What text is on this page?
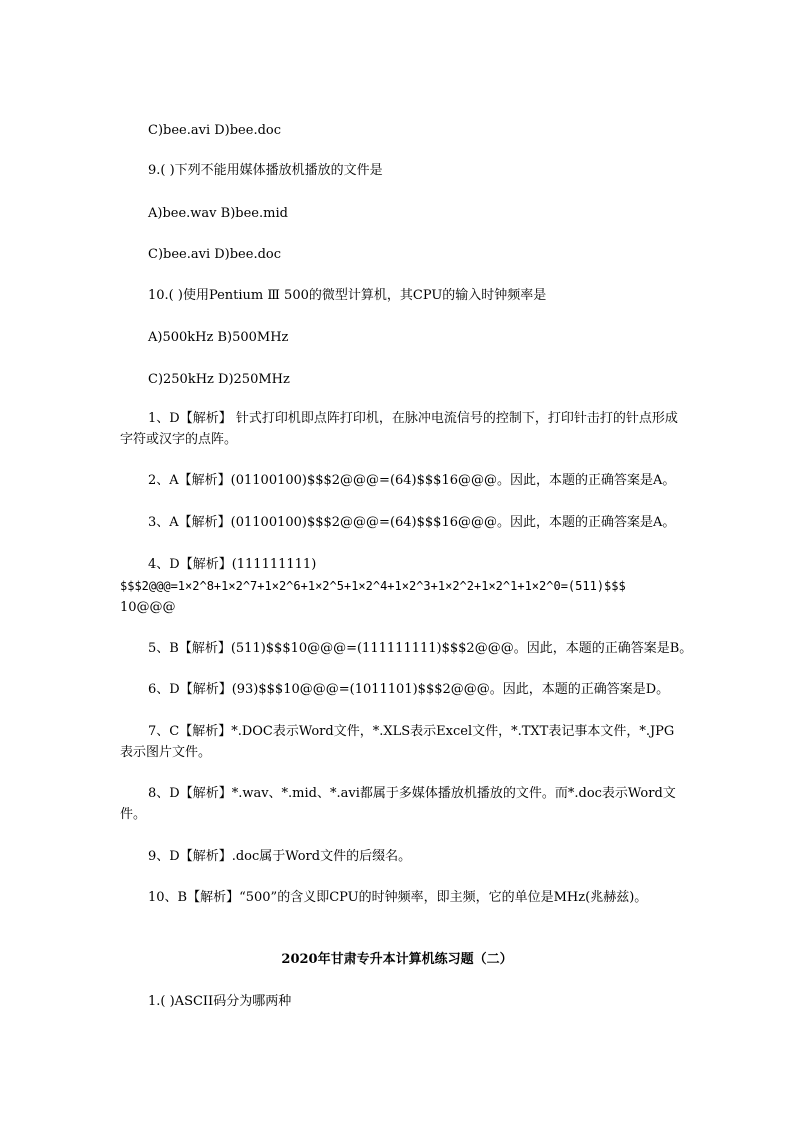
C)bee.avi D)bee.doc
9.( )下列不能用媒体播放机播放的文件是
A)bee.wav B)bee.mid
C)bee.avi D)bee.doc
10.( )使用Pentium Ⅲ 500的微型计算机，其CPU的输入时钟频率是
A)500kHz B)500MHz
C)250kHz D)250MHz
1、D【解析】 针式打印机即点阵打印机，在脉冲电流信号的控制下，打印针击打的针点形成字符或汉字的点阵。
2、A【解析】(01100100)$$$2@@@=(64)$$$16@@@。因此，本题的正确答案是A。
3、A【解析】(01100100)$$$2@@@=(64)$$$16@@@。因此，本题的正确答案是A。
4、D【解析】(111111111)
$$$2@@@=1×2^8+1×2^7+1×2^6+1×2^5+1×2^4+1×2^3+1×2^2+1×2^1+1×2^0=(511)$$$
10@@@
5、B【解析】(511)$$$10@@@=(111111111)$$$2@@@。因此，本题的正确答案是B。
6、D【解析】(93)$$$10@@@=(1011101)$$$2@@@。因此，本题的正确答案是D。
7、C【解析】*.DOC表示Word文件，*.XLS表示Excel文件，*.TXT表记事本文件，*.JPG表示图片文件。
8、D【解析】*.wav、*.mid、*.avi都属于多媒体播放机播放的文件。而*.doc表示Word文件。
9、D【解析】.doc属于Word文件的后缀名。
10、B【解析】“500”的含义即CPU的时钟频率，即主频，它的单位是MHz(兆赫兹)。
2020年甘肃专升本计算机练习题（二）
1.( )ASCII码分为哪两种
